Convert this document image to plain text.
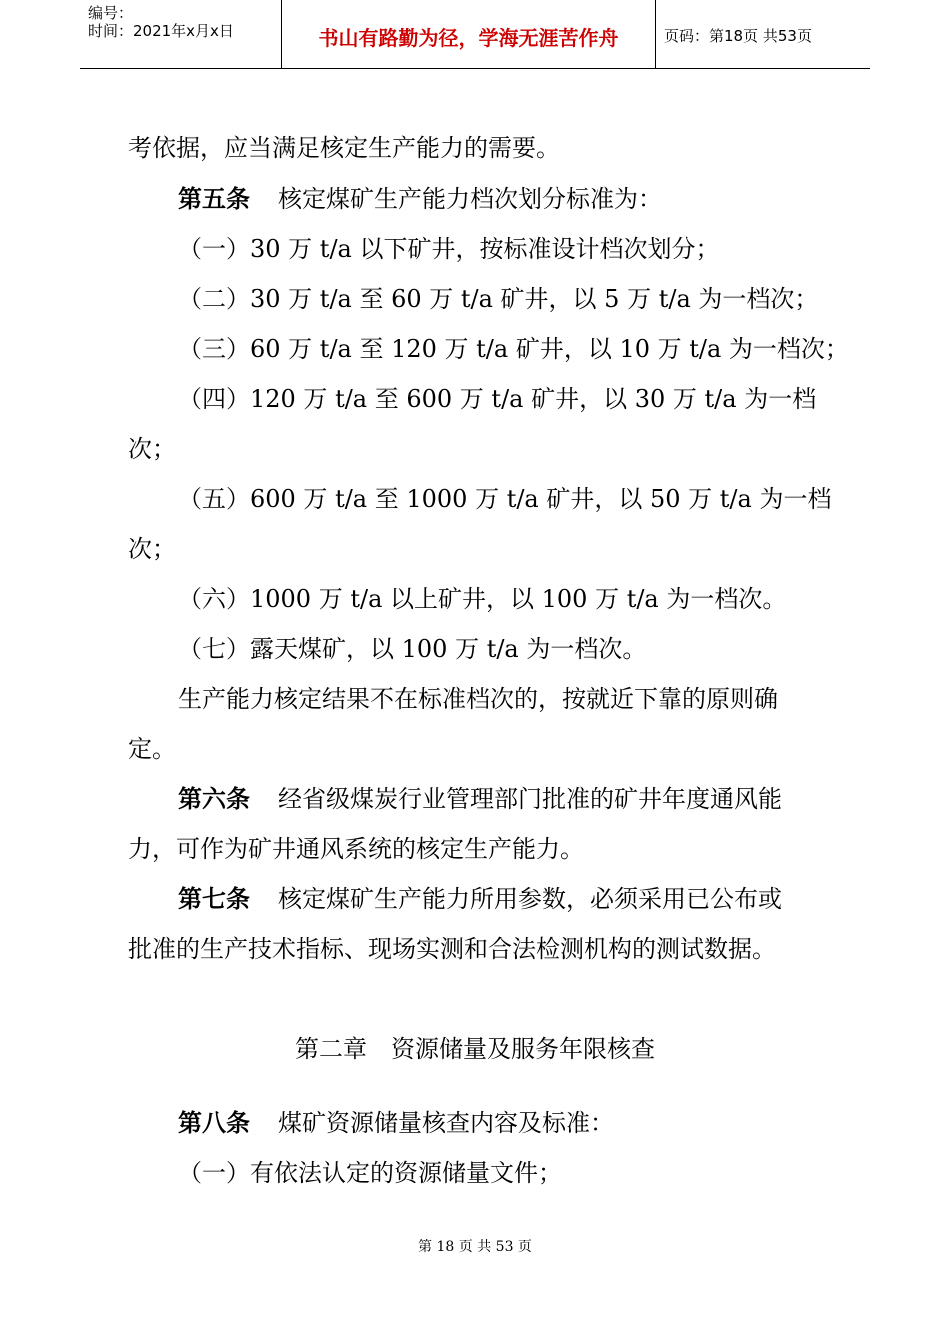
编号：
时间：2021年x月x日	书山有路勤为径，学海无涯苦作舟	页码：第18页 共53页
考依据，应当满足核定生产能力的需要。
第五条 核定煤矿生产能力档次划分标准为：
（一）30 万 t/a 以下矿井，按标准设计档次划分；
（二）30 万 t/a 至 60 万 t/a 矿井，以 5 万 t/a 为一档次；
（三）60 万 t/a 至 120 万 t/a 矿井，以 10 万 t/a 为一档次；
（四）120 万 t/a 至 600 万 t/a 矿井，以 30 万 t/a 为一档
次；
（五）600 万 t/a 至 1000 万 t/a 矿井，以 50 万 t/a 为一档
次；
（六）1000 万 t/a 以上矿井，以 100 万 t/a 为一档次。
（七）露天煤矿，以 100 万 t/a 为一档次。
生产能力核定结果不在标准档次的，按就近下靠的原则确
定。
第六条 经省级煤炭行业管理部门批准的矿井年度通风能
力，可作为矿井通风系统的核定生产能力。
第七条 核定煤矿生产能力所用参数，必须采用已公布或
批准的生产技术指标、现场实测和合法检测机构的测试数据。
第二章　资源储量及服务年限核查
第八条 煤矿资源储量核查内容及标准：
（一）有依法认定的资源储量文件；
第 18 页 共 53 页
